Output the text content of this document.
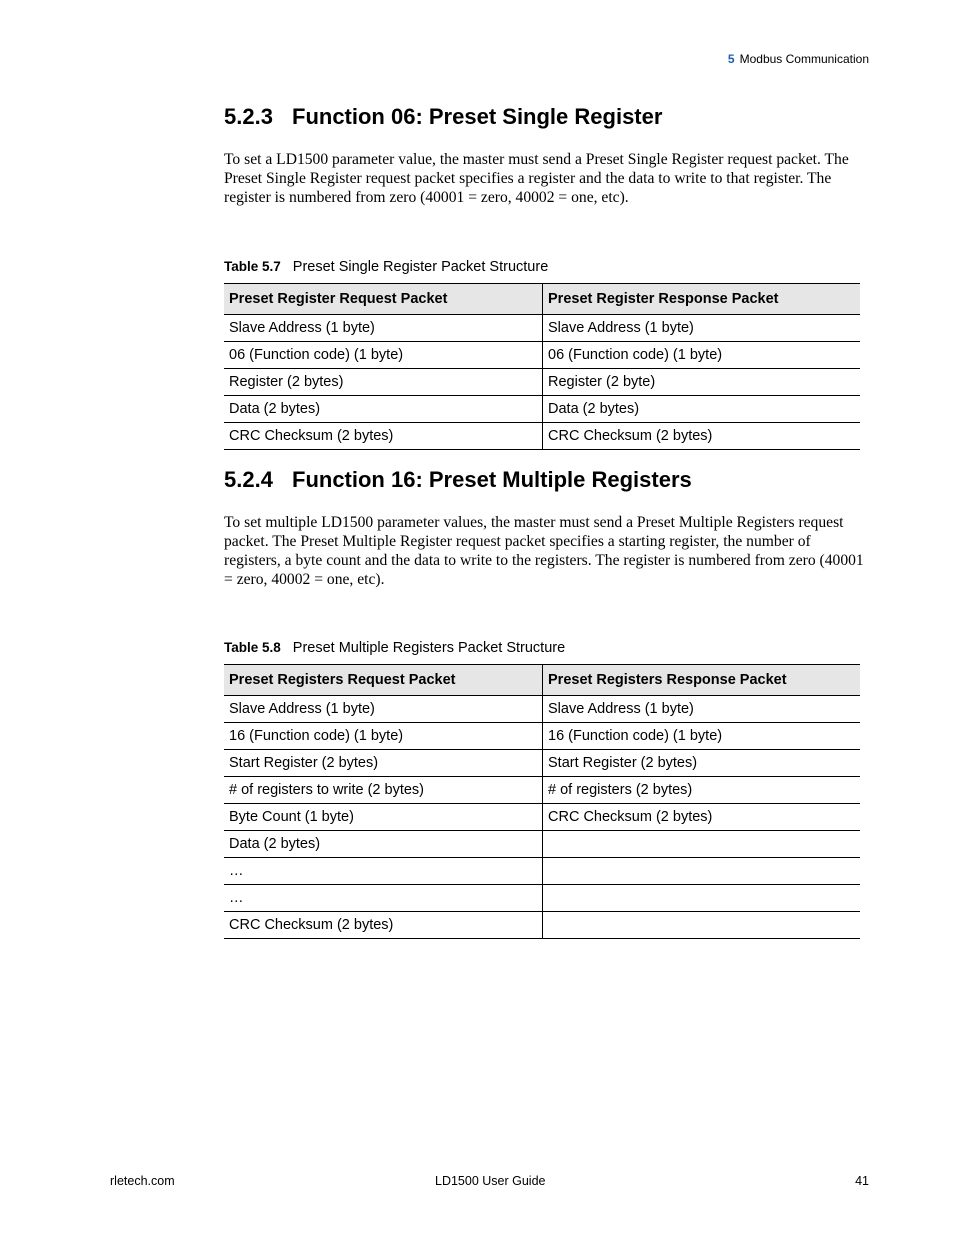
5 Modbus Communication
5.2.3 Function 06: Preset Single Register

To set a LD1500 parameter value, the master must send a Preset Single Register request packet. The Preset Single Register request packet specifies a register and the data to write to that register. The register is numbered from zero (40001 = zero, 40002 = one, etc).

Table 5.7 Preset Single Register Packet Structure
Preset Register Request Packet	Preset Register Response Packet
Slave Address (1 byte)	Slave Address (1 byte)
06 (Function code) (1 byte)	06 (Function code) (1 byte)
Register (2 bytes)	Register (2 byte)
Data (2 bytes)	Data (2 bytes)
CRC Checksum (2 bytes)	CRC Checksum (2 bytes)
5.2.4 Function 16: Preset Multiple Registers

To set multiple LD1500 parameter values, the master must send a Preset Multiple Registers request packet. The Preset Multiple Register request packet specifies a starting register, the number of registers, a byte count and the data to write to the registers. The register is numbered from zero (40001 = zero, 40002 = one, etc).

Table 5.8 Preset Multiple Registers Packet Structure
Preset Registers Request Packet	Preset Registers Response Packet
Slave Address (1 byte)	Slave Address (1 byte)
16 (Function code) (1 byte)	16 (Function code) (1 byte)
Start Register (2 bytes)	Start Register (2 bytes)
# of registers to write (2 bytes)	# of registers (2 bytes)
Byte Count (1 byte)	CRC Checksum (2 bytes)
Data (2 bytes)	
…	
…	
CRC Checksum (2 bytes)	
rletech.com	LD1500 User Guide	41
